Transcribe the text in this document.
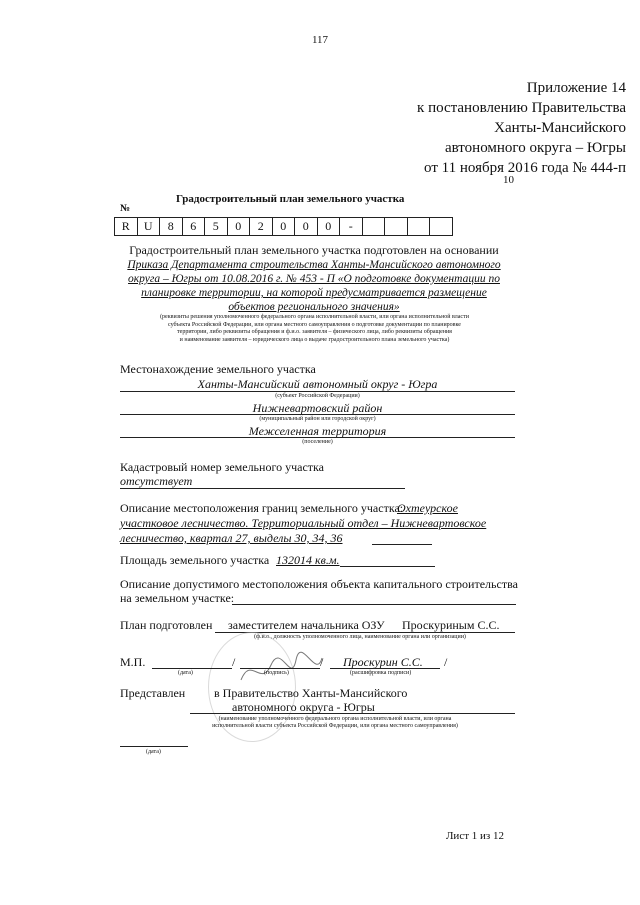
117
Приложение 14
к постановлению Правительства
Ханты-Мансийского
автономного округа – Югры
от 11 ноября 2016 года № 444-п
10
Градостроительный план земельного участка
№
R	U	8	6	5	0	2	0	0	0	-				
Градостроительный план земельного участка подготовлен на основании
Приказа Департамента строительства Ханты-Мансийского автономного
округа – Югры от 10.08.2016 г. № 453 - П «О подготовке документации по
планировке территории, на которой предусматривается размещение
объектов регионального значения»
(реквизиты решения уполномоченного федерального органа исполнительной власти, или органа исполнительной власти
субъекта Российской Федерации, или органа местного самоуправления о подготовке документации по планировке
территории, либо реквизиты обращения и ф.и.о. заявителя – физического лица, либо реквизиты обращения
и наименование заявителя – юридического лица о выдаче градостроительного плана земельного участка)
Местонахождение земельного участка
Ханты-Мансийский автономный округ - Югра
(субъект Российской Федерации)
Нижневартовский район
(муниципальный район или городской округ)
Межселенная территория
(поселение)
Кадастровый номер земельного участка
отсутствует
Описание местоположения границ земельного участка:
Охтеурское
участковое лесничество. Территориальный отдел – Нижневартовское
лесничество, квартал 27, выделы 30, 34, 36
Площадь земельного участка 132014 кв.м.
Описание допустимого местоположения объекта капитального строительства
на земельном участке:
План подготовлен заместителем начальника ОЗУ Проскуриным С.С.
(ф.и.о., должность уполномоченного лица, наименование органа или организации)
М.П.	/	/ Проскурин С.С. /
(дата)	(подпись)	(расшифровка подписи)
Представлен в Правительство Ханты-Мансийского
автономного округа - Югры
(наименование уполномоченного федерального органа исполнительной власти, или органа
исполнительной власти субъекта Российской Федерации, или органа местного самоуправления)
(дата)
Лист 1 из 12
